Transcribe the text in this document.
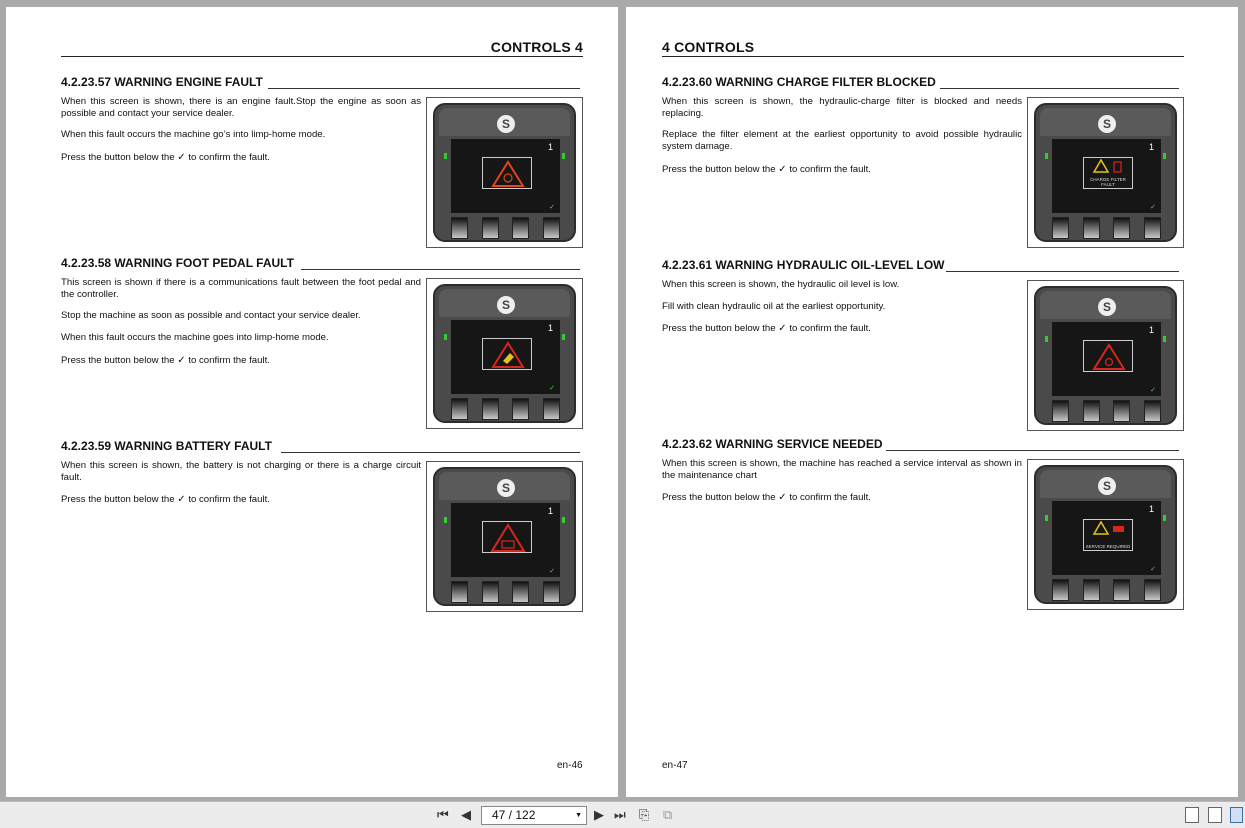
CONTROLS 4
4.2.23.57 WARNING ENGINE FAULT
When this screen is shown, there is an engine fault.Stop the engine as soon as possible and contact your service dealer.
When this fault occurs the machine go’s into limp-home mode.
Press the button below the ✓ to confirm the fault.
S
1
✓
4.2.23.58 WARNING FOOT PEDAL FAULT
This screen is shown if there is a communications fault between the foot pedal and the controller.
Stop the machine as soon as possible and contact your service dealer.
When this fault occurs the machine goes into limp-home mode.
Press the button below the ✓ to confirm the fault.
S
1
✓
4.2.23.59 WARNING BATTERY FAULT
When this screen is shown, the battery is not charging or there is a charge circuit fault.
Press the button below the ✓ to confirm the fault.
S
1
✓
en-46
4 CONTROLS
4.2.23.60 WARNING CHARGE FILTER BLOCKED
When this screen is shown, the hydraulic-charge filter is blocked and needs replacing.
Replace the filter element at the earliest opportunity to avoid possible hydraulic system damage.
Press the button below the ✓ to confirm the fault.
S
1
CHARGE FILTER FAULT
✓
4.2.23.61 WARNING HYDRAULIC OIL-LEVEL LOW
When this screen is shown, the hydraulic oil level is low.
Fill with clean hydraulic oil at the earliest opportunity.
Press the button below the ✓ to confirm the fault.
S
1
✓
4.2.23.62 WARNING SERVICE NEEDED
When this screen is shown, the machine has reached a service interval as shown in the maintenance chart
Press the button below the ✓ to confirm the fault.
S
1
SERVICE REQUIRED
✓
en-47
⏮ ◀	47 / 122	▼ ▶ ⏭ ⎘ ⧉
